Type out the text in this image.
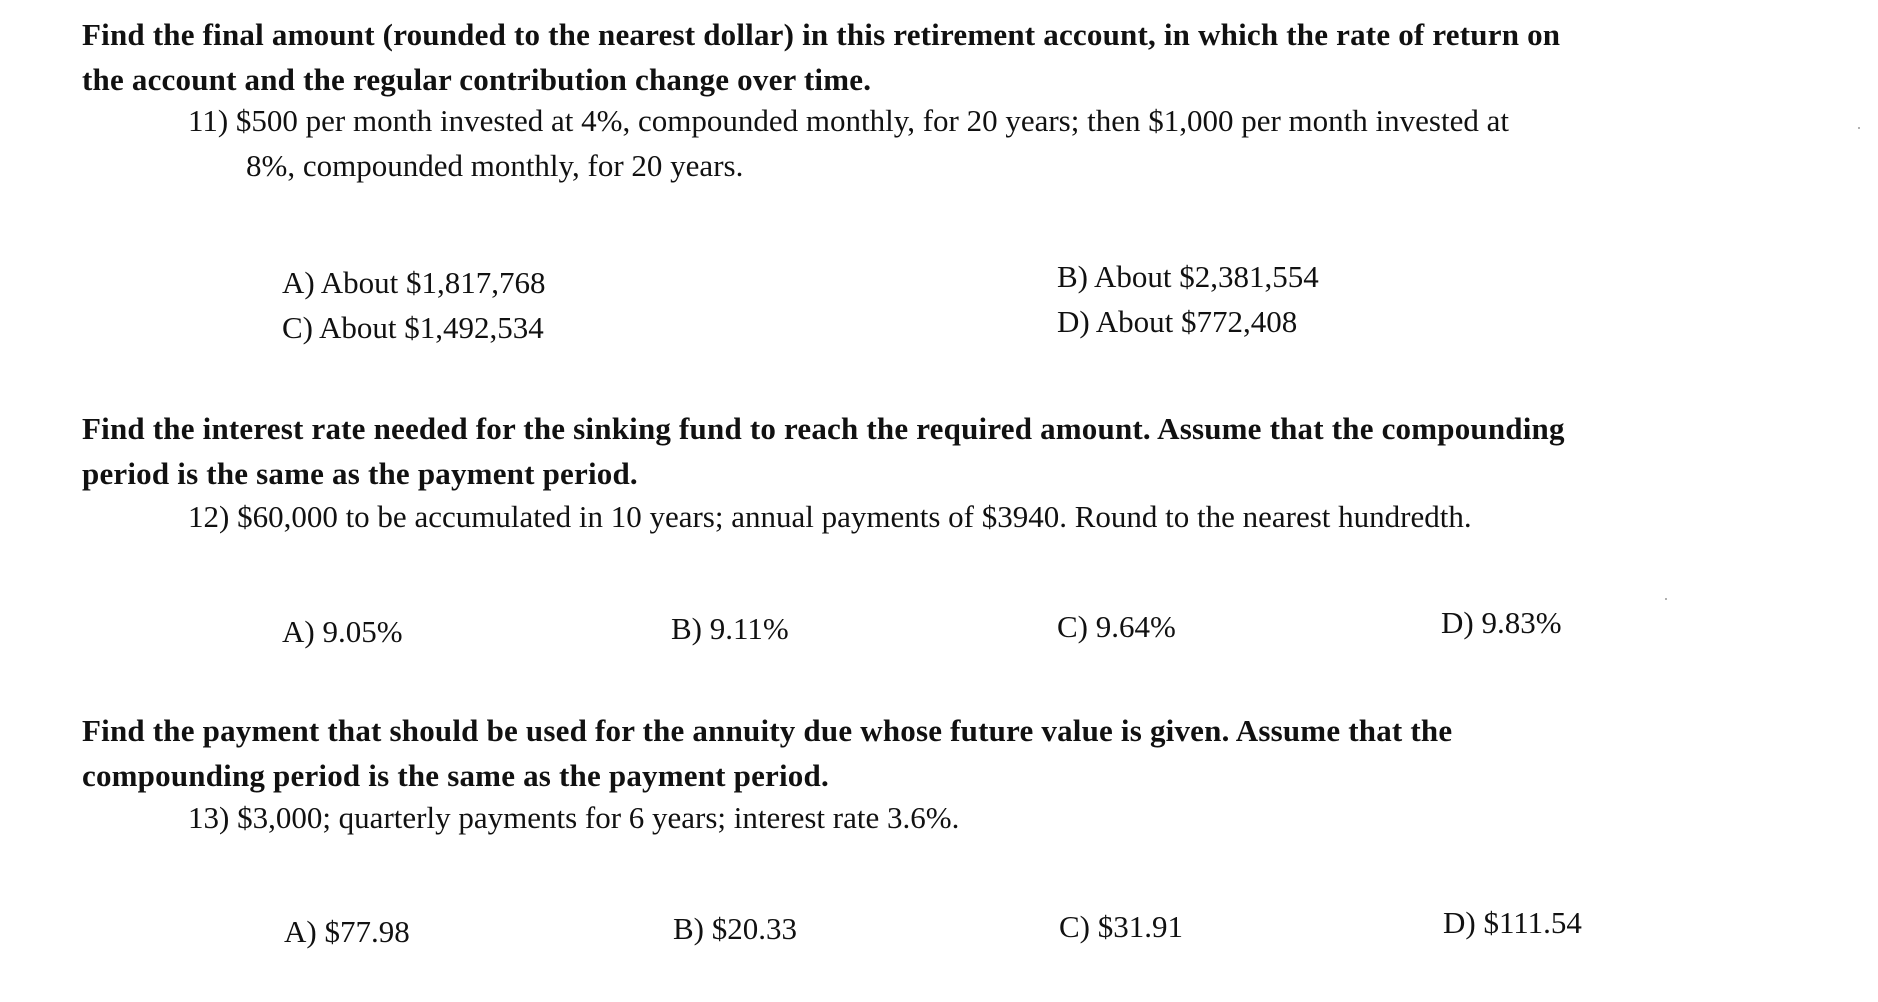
Find the final amount (rounded to the nearest dollar) in this retirement account, in which the rate of return on
the account and the regular contribution change over time.
11) $500 per month invested at 4%, compounded monthly, for 20 years; then $1,000 per month invested at
8%, compounded monthly, for 20 years.
A) About $1,817,768	B) About $2,381,554
C) About $1,492,534	D) About $772,408
Find the interest rate needed for the sinking fund to reach the required amount. Assume that the compounding
period is the same as the payment period.
12) $60,000 to be accumulated in 10 years; annual payments of $3940. Round to the nearest hundredth.
A) 9.05%	B) 9.11%	C) 9.64%	D) 9.83%
Find the payment that should be used for the annuity due whose future value is given. Assume that the
compounding period is the same as the payment period.
13) $3,000; quarterly payments for 6 years; interest rate 3.6%.
A) $77.98	B) $20.33	C) $31.91	D) $111.54
